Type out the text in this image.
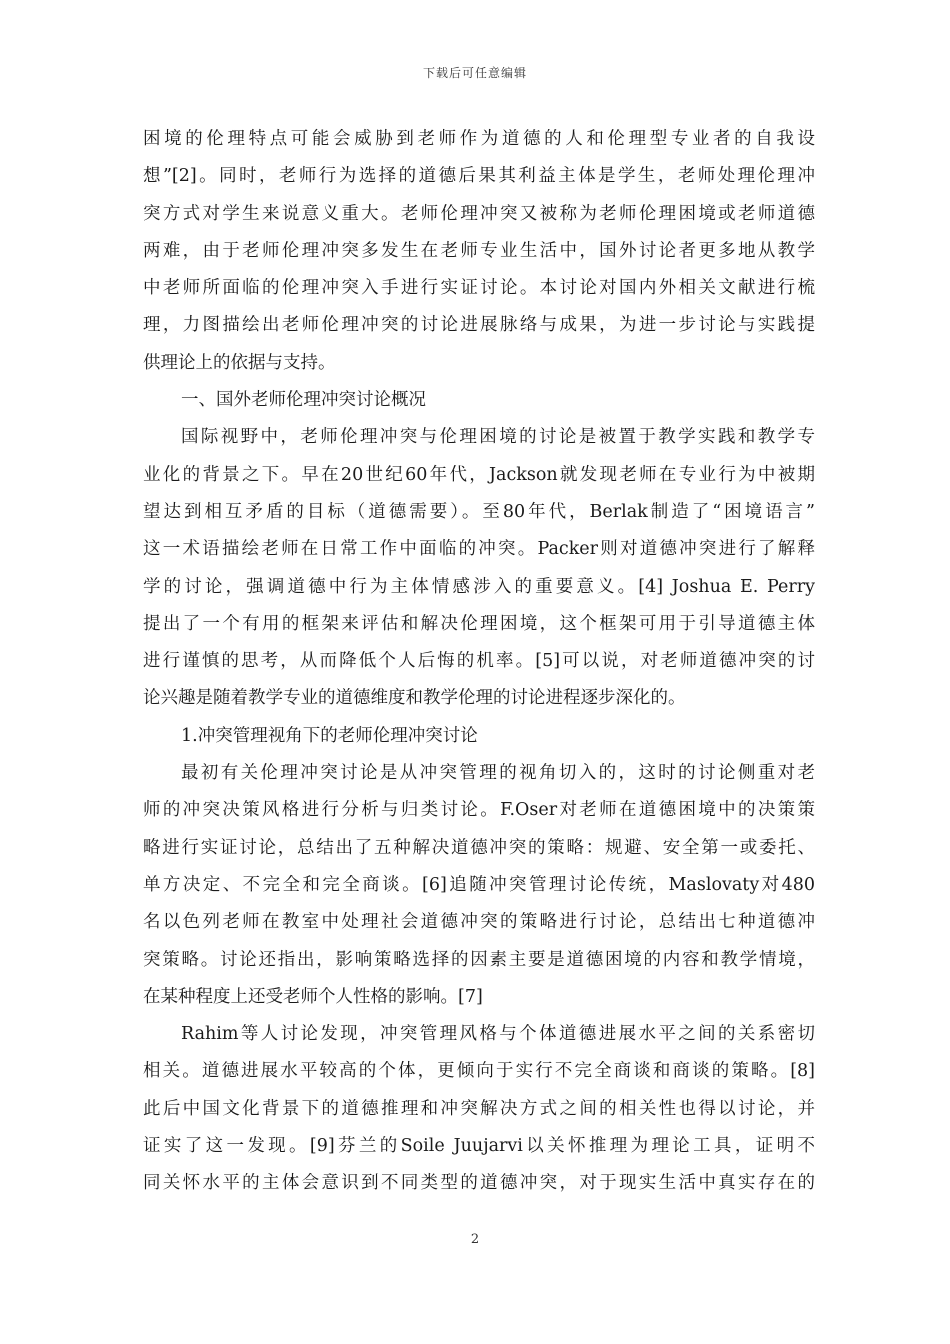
下载后可任意编辑
困境的伦理特点可能会威胁到老师作为道德的人和伦理型专业者的自我设
想”[2]。同时，老师行为选择的道德后果其利益主体是学生，老师处理伦理冲
突方式对学生来说意义重大。老师伦理冲突又被称为老师伦理困境或老师道德
两难，由于老师伦理冲突多发生在老师专业生活中，国外讨论者更多地从教学
中老师所面临的伦理冲突入手进行实证讨论。本讨论对国内外相关文献进行梳
理，力图描绘出老师伦理冲突的讨论进展脉络与成果，为进一步讨论与实践提
供理论上的依据与支持。
一、国外老师伦理冲突讨论概况
国际视野中，老师伦理冲突与伦理困境的讨论是被置于教学实践和教学专
业化的背景之下。早在20世纪60年代，Jackson就发现老师在专业行为中被期
望达到相互矛盾的目标（道德需要）。至80年代，Berlak制造了“困境语言”
这一术语描绘老师在日常工作中面临的冲突。Packer则对道德冲突进行了解释
学的讨论，强调道德中行为主体情感涉入的重要意义。[4] Joshua E. Perry
提出了一个有用的框架来评估和解决伦理困境，这个框架可用于引导道德主体
进行谨慎的思考，从而降低个人后悔的机率。[5]可以说，对老师道德冲突的讨
论兴趣是随着教学专业的道德维度和教学伦理的讨论进程逐步深化的。
1.冲突管理视角下的老师伦理冲突讨论
最初有关伦理冲突讨论是从冲突管理的视角切入的，这时的讨论侧重对老
师的冲突决策风格进行分析与归类讨论。F.Oser对老师在道德困境中的决策策
略进行实证讨论，总结出了五种解决道德冲突的策略：规避、安全第一或委托、
单方决定、不完全和完全商谈。[6]追随冲突管理讨论传统，Maslovaty对480
名以色列老师在教室中处理社会道德冲突的策略进行讨论，总结出七种道德冲
突策略。讨论还指出，影响策略选择的因素主要是道德困境的内容和教学情境，
在某种程度上还受老师个人性格的影响。[7]
Rahim等人讨论发现，冲突管理风格与个体道德进展水平之间的关系密切
相关。道德进展水平较高的个体，更倾向于实行不完全商谈和商谈的策略。[8]
此后中国文化背景下的道德推理和冲突解决方式之间的相关性也得以讨论，并
证实了这一发现。[9]芬兰的Soile Juujarvi以关怀推理为理论工具，证明不
同关怀水平的主体会意识到不同类型的道德冲突，对于现实生活中真实存在的
2
